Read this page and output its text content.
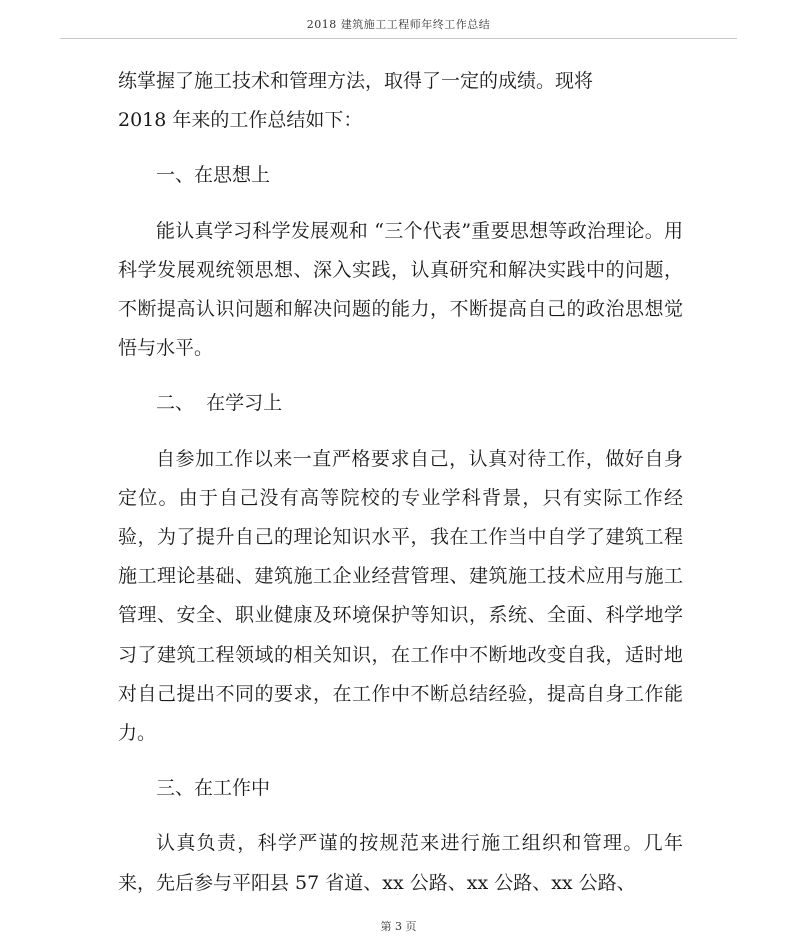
2018 建筑施工工程师年终工作总结

练掌握了施工技术和管理方法，取得了一定的成绩。现将

2018 年来的工作总结如下：

一、在思想上

能认真学习科学发展观和 “三个代表”重要思想等政治理论。用科学发展观统领思想、深入实践，认真研究和解决实践中的问题，不断提高认识问题和解决问题的能力，不断提高自己的政治思想觉悟与水平。

二、  在学习上

自参加工作以来一直严格要求自己，认真对待工作，做好自身定位。由于自己没有高等院校的专业学科背景，只有实际工作经验，为了提升自己的理论知识水平，我在工作当中自学了建筑工程施工理论基础、建筑施工企业经营管理、建筑施工技术应用与施工管理、安全、职业健康及环境保护等知识，系统、全面、科学地学习了建筑工程领域的相关知识，在工作中不断地改变自我，适时地对自己提出不同的要求，在工作中不断总结经验，提高自身工作能力。

三、在工作中

认真负责，科学严谨的按规范来进行施工组织和管理。几年来，先后参与平阳县 57 省道、xx 公路、xx 公路、xx 公路、

第 3 页
